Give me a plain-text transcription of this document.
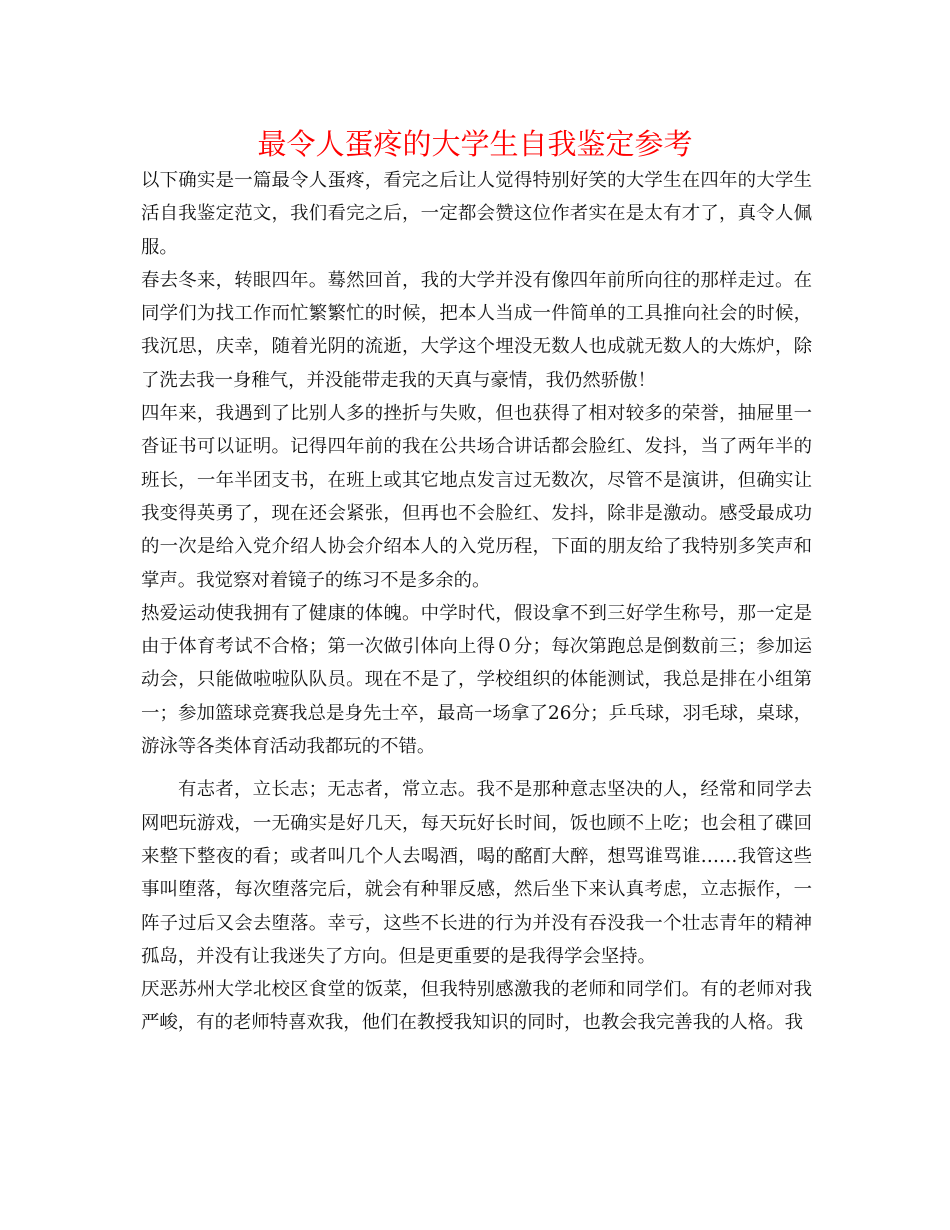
最令人蛋疼的大学生自我鉴定参考

以下确实是一篇最令人蛋疼，看完之后让人觉得特别好笑的大学生在四年的大学生活自我鉴定范文，我们看完之后，一定都会赞这位作者实在是太有才了，真令人佩服。

春去冬来，转眼四年。蓦然回首，我的大学并没有像四年前所向往的那样走过。在同学们为找工作而忙繁繁忙的时候，把本人当成一件简单的工具推向社会的时候，我沉思，庆幸，随着光阴的流逝，大学这个埋没无数人也成就无数人的大炼炉，除了洗去我一身稚气，并没能带走我的天真与豪情，我仍然骄傲！

四年来，我遇到了比别人多的挫折与失败，但也获得了相对较多的荣誉，抽屉里一沓证书可以证明。记得四年前的我在公共场合讲话都会脸红、发抖，当了两年半的班长，一年半团支书，在班上或其它地点发言过无数次，尽管不是演讲，但确实让我变得英勇了，现在还会紧张，但再也不会脸红、发抖，除非是激动。感受最成功的一次是给入党介绍人协会介绍本人的入党历程，下面的朋友给了我特别多笑声和掌声。我觉察对着镜子的练习不是多余的。

热爱运动使我拥有了健康的体魄。中学时代，假设拿不到三好学生称号，那一定是由于体育考试不合格；第一次做引体向上得０分；每次第跑总是倒数前三；参加运动会，只能做啦啦队队员。现在不是了，学校组织的体能测试，我总是排在小组第一；参加篮球竞赛我总是身先士卒，最高一场拿了26分；乒乓球，羽毛球，桌球，游泳等各类体育活动我都玩的不错。

有志者，立长志；无志者，常立志。我不是那种意志坚决的人，经常和同学去网吧玩游戏，一无确实是好几天，每天玩好长时间，饭也顾不上吃；也会租了碟回来整下整夜的看；或者叫几个人去喝酒，喝的酩酊大醉，想骂谁骂谁……我管这些事叫堕落，每次堕落完后，就会有种罪反感，然后坐下来认真考虑，立志振作，一阵子过后又会去堕落。幸亏，这些不长进的行为并没有吞没我一个壮志青年的精神孤岛，并没有让我迷失了方向。但是更重要的是我得学会坚持。

厌恶苏州大学北校区食堂的饭菜，但我特别感激我的老师和同学们。有的老师对我严峻，有的老师特喜欢我，他们在教授我知识的同时，也教会我完善我的人格。我
